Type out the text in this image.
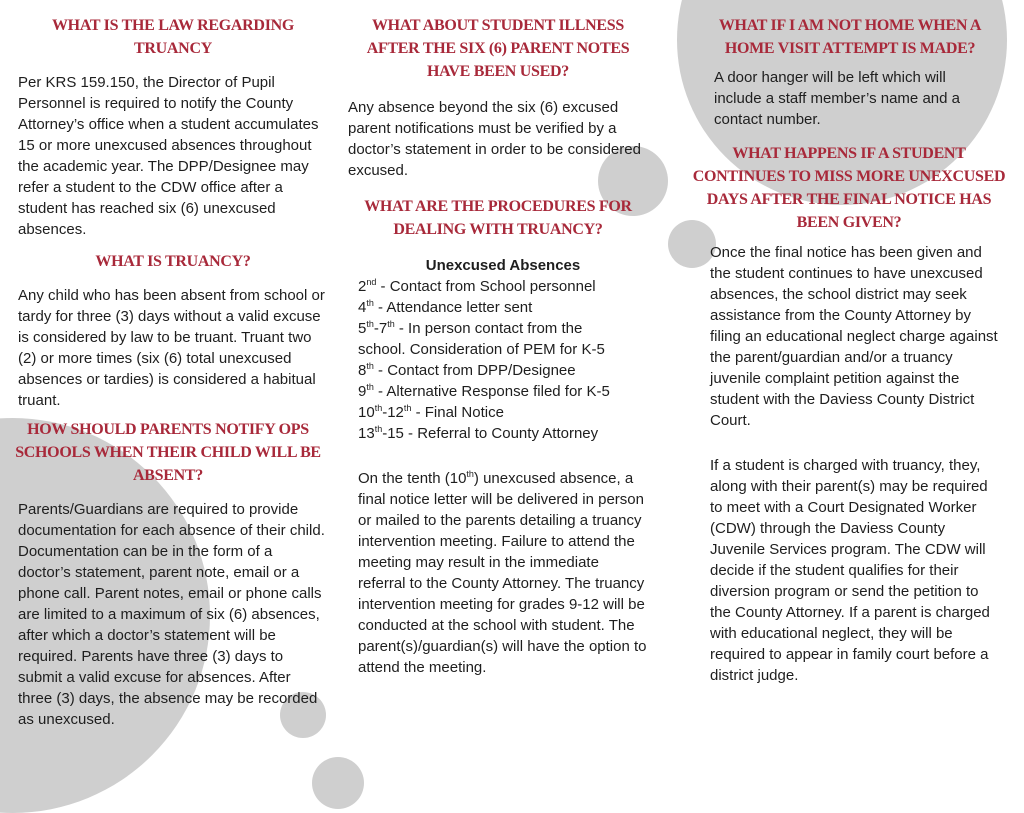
WHAT IS THE LAW REGARDING TRUANCY

Per KRS 159.150, the Director of Pupil Personnel is required to notify the County Attorney’s office when a student accumulates 15 or more unexcused absences throughout the academic year. The DPP/Designee may refer a student to the CDW office after a student has reached six (6) unexcused absences.

WHAT IS TRUANCY?

Any child who has been absent from school or tardy for three (3) days without a valid excuse is considered by law to be truant. Truant two (2) or more times (six (6) total unexcused absences or tardies) is considered a habitual truant.

HOW SHOULD PARENTS NOTIFY OPS SCHOOLS WHEN THEIR CHILD WILL BE ABSENT?

Parents/Guardians are required to provide documentation for each absence of their child. Documentation can be in the form of a doctor’s statement, parent note, email or a phone call. Parent notes, email or phone calls are limited to a maximum of six (6) absences, after which a doctor’s statement will be required. Parents have three (3) days to submit a valid excuse for absences. After three (3) days, the absence may be recorded as unexcused.

WHAT ABOUT STUDENT ILLNESS AFTER THE SIX (6) PARENT NOTES HAVE BEEN USED?

Any absence beyond the six (6) excused parent notifications must be verified by a doctor’s statement in order to be considered excused.

WHAT ARE THE PROCEDURES FOR DEALING WITH TRUANCY?
Unexcused Absences
2nd - Contact from School personnel
4th - Attendance letter sent
5th-7th - In person contact from the
school. Consideration of PEM for K-5
8th - Contact from DPP/Designee
9th - Alternative Response filed for K-5
10th-12th - Final Notice
13th-15 - Referral to County Attorney

On the tenth (10th) unexcused absence, a final notice letter will be delivered in person or mailed to the parents detailing a truancy intervention meeting. Failure to attend the meeting may result in the immediate referral to the County Attorney. The truancy intervention meeting for grades 9-12 will be conducted at the school with student. The parent(s)/guardian(s) will have the option to attend the meeting.

WHAT IF I AM NOT HOME WHEN A HOME VISIT ATTEMPT IS MADE?

A door hanger will be left which will include a staff member’s name and a contact number.

WHAT HAPPENS IF A STUDENT CONTINUES TO MISS MORE UNEXCUSED DAYS AFTER THE FINAL NOTICE HAS BEEN GIVEN?

Once the final notice has been given and the student continues to have unexcused absences, the school district may seek assistance from the County Attorney by filing an educational neglect charge against the parent/guardian and/or a truancy juvenile complaint petition against the student with the Daviess County District Court.

If a student is charged with truancy, they, along with their parent(s) may be required to meet with a Court Designated Worker (CDW) through the Daviess County Juvenile Services program. The CDW will decide if the student qualifies for their diversion program or send the petition to the County Attorney. If a parent is charged with educational neglect, they will be required to appear in family court before a district judge.
